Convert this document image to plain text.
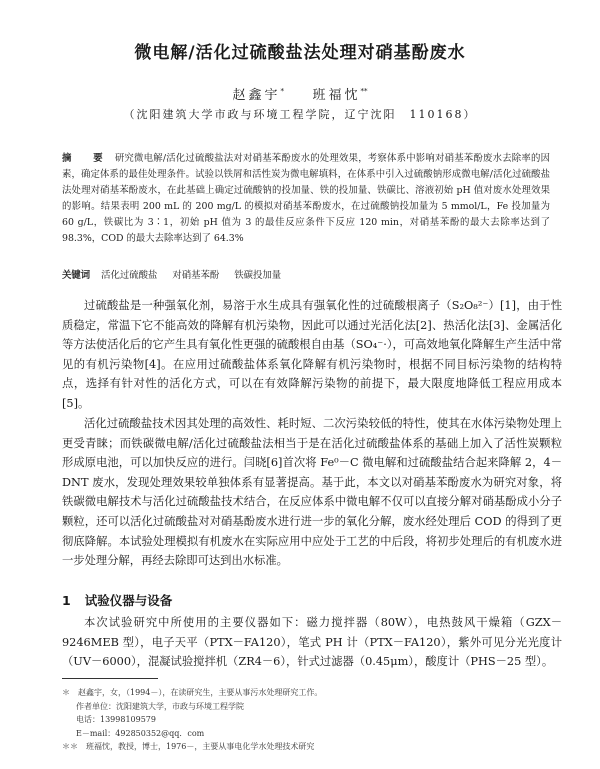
微电解/活化过硫酸盐法处理对硝基酚废水
赵鑫宇* 班福忱**
（沈阳建筑大学市政与环境工程学院，辽宁沈阳　110168）
摘　要 研究微电解/活化过硫酸盐法对对硝基苯酚废水的处理效果，考察体系中影响对硝基苯酚废水去除率的因素，确定体系的最佳处理条件。试验以铁屑和活性炭为微电解填料，在体系中引入过硫酸钠形成微电解/活化过硫酸盐法处理对硝基苯酚废水，在此基础上确定过硫酸钠的投加量、铁的投加量、铁碳比、溶液初始 pH 值对废水处理效果的影响。结果表明 200 mL 的 200 mg/L 的模拟对硝基苯酚废水，在过硫酸钠投加量为 5 mmol/L，Fe 投加量为 60 g/L，铁碳比为 3∶1，初始 pH 值为 3 的最佳反应条件下反应 120 min，对硝基苯酚的最大去除率达到了 98.3%，COD 的最大去除率达到了 64.3%
关键词 活化过硫酸盐 对硝基苯酚 铁碳投加量
过硫酸盐是一种强氧化剂，易溶于水生成具有强氧化性的过硫酸根离子（S₂O₈²⁻）[1]，由于性质稳定，常温下它不能高效的降解有机污染物，因此可以通过光活化法[2]、热活化法[3]、金属活化等方法使活化后的它产生具有氧化性更强的硫酸根自由基（SO₄⁻·），可高效地氧化降解生产生活中常见的有机污染物[4]。在应用过硫酸盐体系氧化降解有机污染物时，根据不同目标污染物的结构特点，选择有针对性的活化方式，可以在有效降解污染物的前提下，最大限度地降低工程应用成本[5]。
活化过硫酸盐技术因其处理的高效性、耗时短、二次污染较低的特性，使其在水体污染物处理上更受青睐；而铁碳微电解/活化过硫酸盐法相当于是在活化过硫酸盐体系的基础上加入了活性炭颗粒形成原电池，可以加快反应的进行。闫晓[6]首次将 Fe⁰－C 微电解和过硫酸盐结合起来降解 2，4－DNT 废水，发现处理效果较单独体系有显著提高。基于此，本文以对硝基苯酚废水为研究对象，将铁碳微电解技术与活化过硫酸盐技术结合，在反应体系中微电解不仅可以直接分解对硝基酚成小分子颗粒，还可以活化过硫酸盐对对硝基酚废水进行进一步的氧化分解，废水经处理后 COD 的得到了更彻底降解。本试验处理模拟有机废水在实际应用中应处于工艺的中后段，将初步处理后的有机废水进一步处理分解，再经去除即可达到出水标准。
1 试验仪器与设备
本次试验研究中所使用的主要仪器如下：磁力搅拌器（80W），电热鼓风干燥箱（GZX－9246MEB 型），电子天平（PTX－FA120），笔式 PH 计（PTX－FA120），紫外可见分光光度计（UV－6000），混凝试验搅拌机（ZR4－6），针式过滤器（0.45μm），酸度计（PHS－25 型）。
＊　赵鑫宇，女，（1994－），在读研究生，主要从事污水处理研究工作。
作者单位：沈阳建筑大学，市政与环境工程学院
电话：13998109579
E－mail：492850352@qq．com
＊＊　班福忱，教授，博士，1976－，主要从事电化学水处理技术研究
